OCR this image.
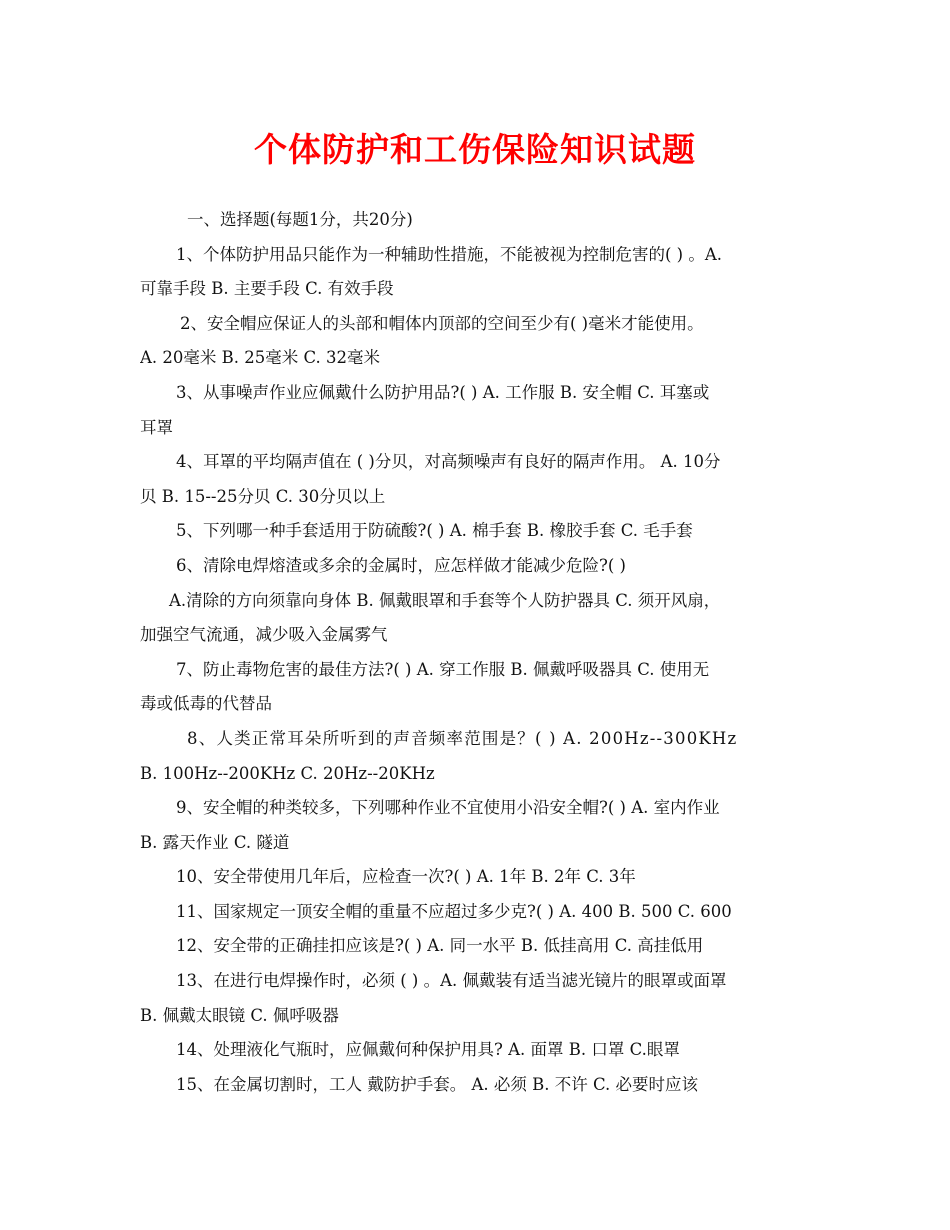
个体防护和工伤保险知识试题
一、选择题(每题1分，共20分)
1、个体防护用品只能作为一种辅助性措施，不能被视为控制危害的( ) 。A.
可靠手段 B. 主要手段 C. 有效手段
2、安全帽应保证人的头部和帽体内顶部的空间至少有( )毫米才能使用。
A. 20毫米 B. 25毫米 C. 32毫米
3、从事噪声作业应佩戴什么防护用品?( ) A. 工作服 B. 安全帽 C. 耳塞或
耳罩
4、耳罩的平均隔声值在 ( )分贝，对高频噪声有良好的隔声作用。 A. 10分
贝 B. 15--25分贝 C. 30分贝以上
5、下列哪一种手套适用于防硫酸?( ) A. 棉手套 B. 橡胶手套 C. 毛手套
6、清除电焊熔渣或多余的金属时，应怎样做才能减少危险?( )
A.清除的方向须靠向身体 B. 佩戴眼罩和手套等个人防护器具 C. 须开风扇，
加强空气流通，减少吸入金属雾气
7、防止毒物危害的最佳方法?( ) A. 穿工作服 B. 佩戴呼吸器具 C. 使用无
毒或低毒的代替品
8、人类正常耳朵所听到的声音频率范围是？( ) A. 200Hz--300KHz
B. 100Hz--200KHz C. 20Hz--20KHz
9、安全帽的种类较多，下列哪种作业不宜使用小沿安全帽?( ) A. 室内作业
B. 露天作业 C. 隧道
10、安全带使用几年后，应检查一次?( ) A. 1年 B. 2年 C. 3年
11、国家规定一顶安全帽的重量不应超过多少克?( ) A. 400 B. 500 C. 600
12、安全带的正确挂扣应该是?( ) A. 同一水平 B. 低挂高用 C. 高挂低用
13、在进行电焊操作时，必须 ( ) 。A. 佩戴装有适当滤光镜片的眼罩或面罩
B. 佩戴太眼镜 C. 佩呼吸器
14、处理液化气瓶时，应佩戴何种保护用具? A. 面罩 B. 口罩 C.眼罩
15、在金属切割时，工人 戴防护手套。 A. 必须 B. 不许 C. 必要时应该
